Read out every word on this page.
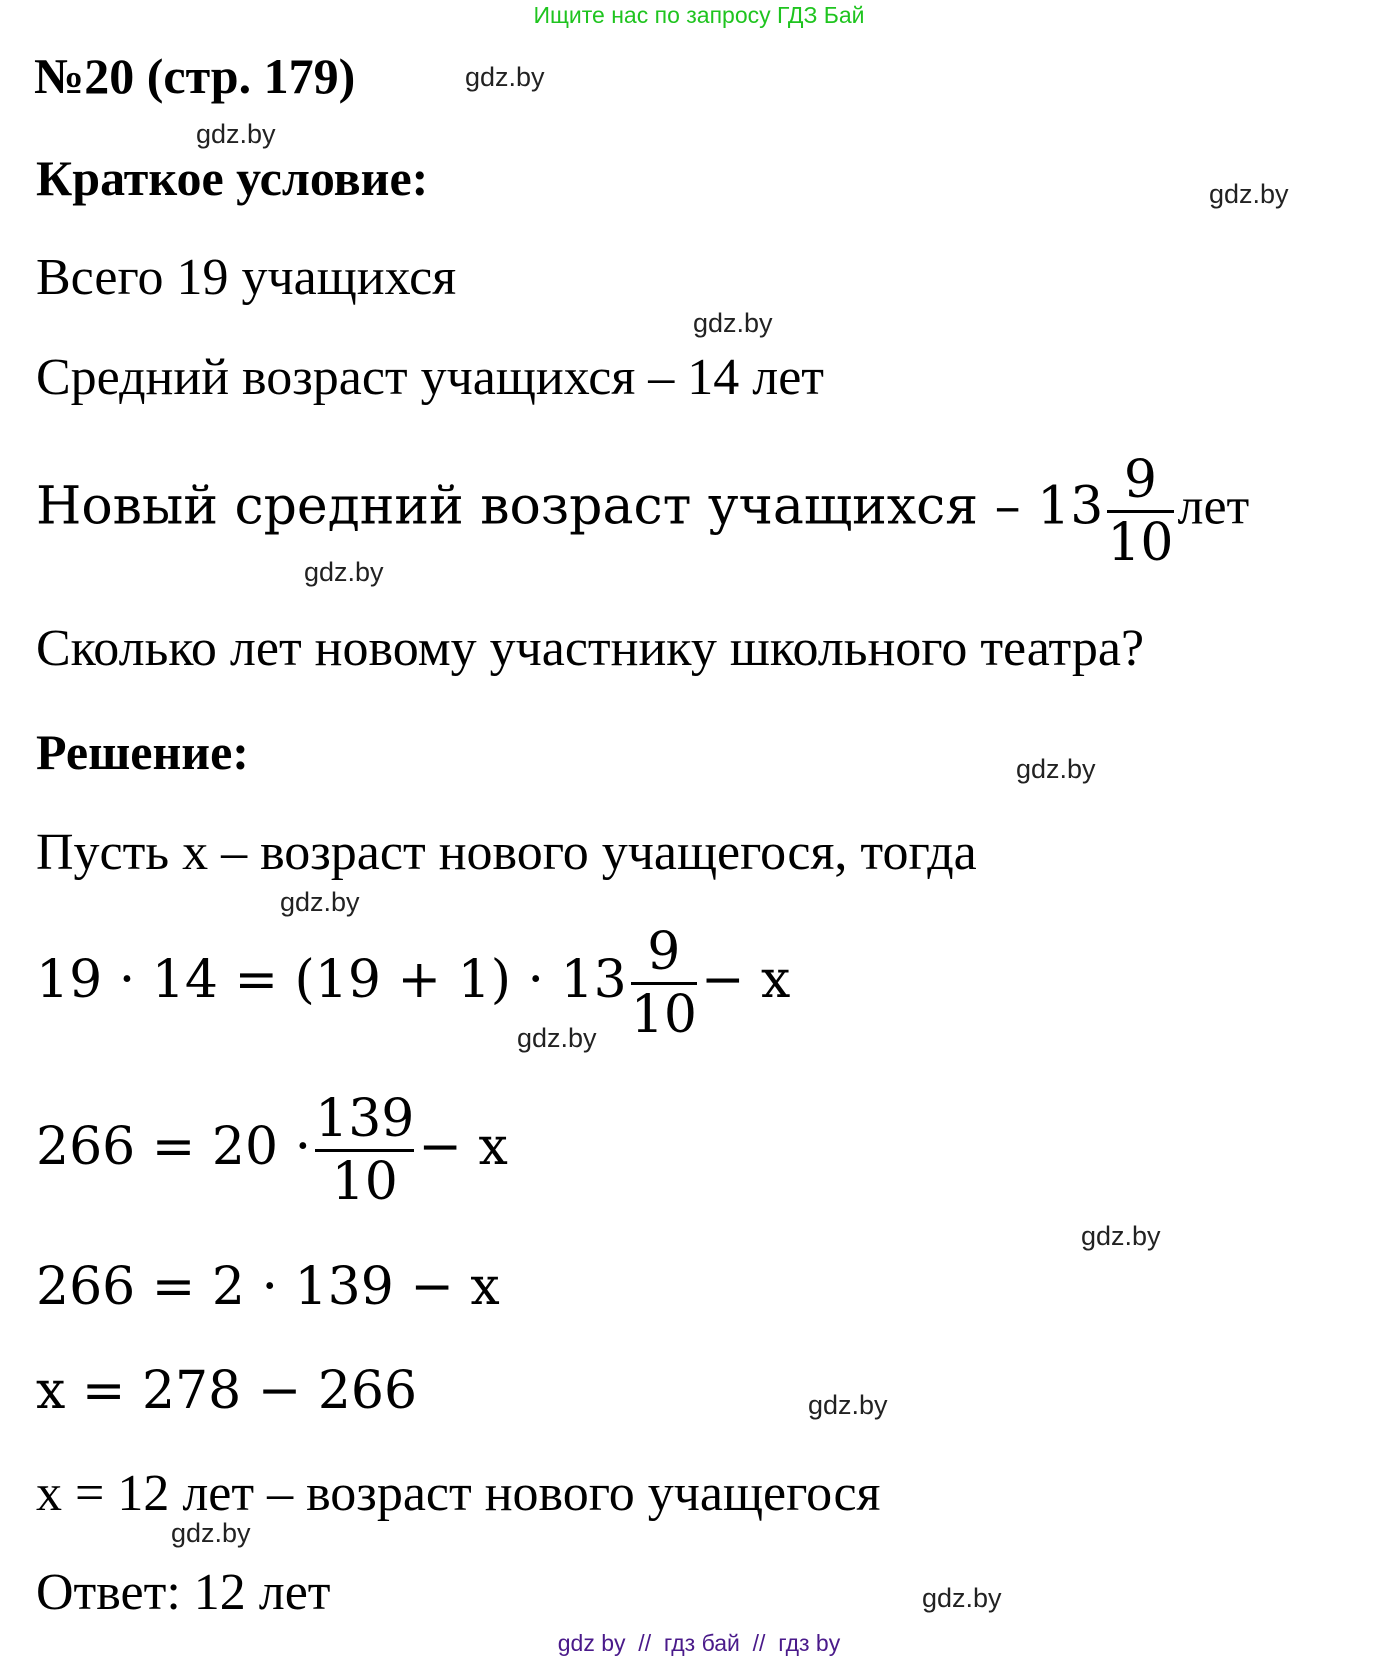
Ищите нас по запросу ГДЗ Бай
№20 (стр. 179)	gdz.by
gdz.by
Краткое условие:	gdz.by
Всего 19 учащихся
gdz.by
Средний возраст учащихся – 14 лет
Новый средний возраст учащихся – $13 \frac{9}{10}$ лет
gdz.by
Сколько лет новому участнику школьного театра?
Решение:	gdz.by
Пусть x – возраст нового учащегося, тогда
gdz.by
$19 \cdot 14 = (19 + 1) \cdot 13 \frac{9}{10} - x$
gdz.by
$266 = 20 \cdot \frac{139}{10} - x$
gdz.by
266 = 2 · 139 − x
x = 278 − 266	gdz.by
x = 12 лет – возраст нового учащегося
gdz.by
Ответ: 12 лет	gdz.by
gdz by  //  гдз бай  //  гдз by
